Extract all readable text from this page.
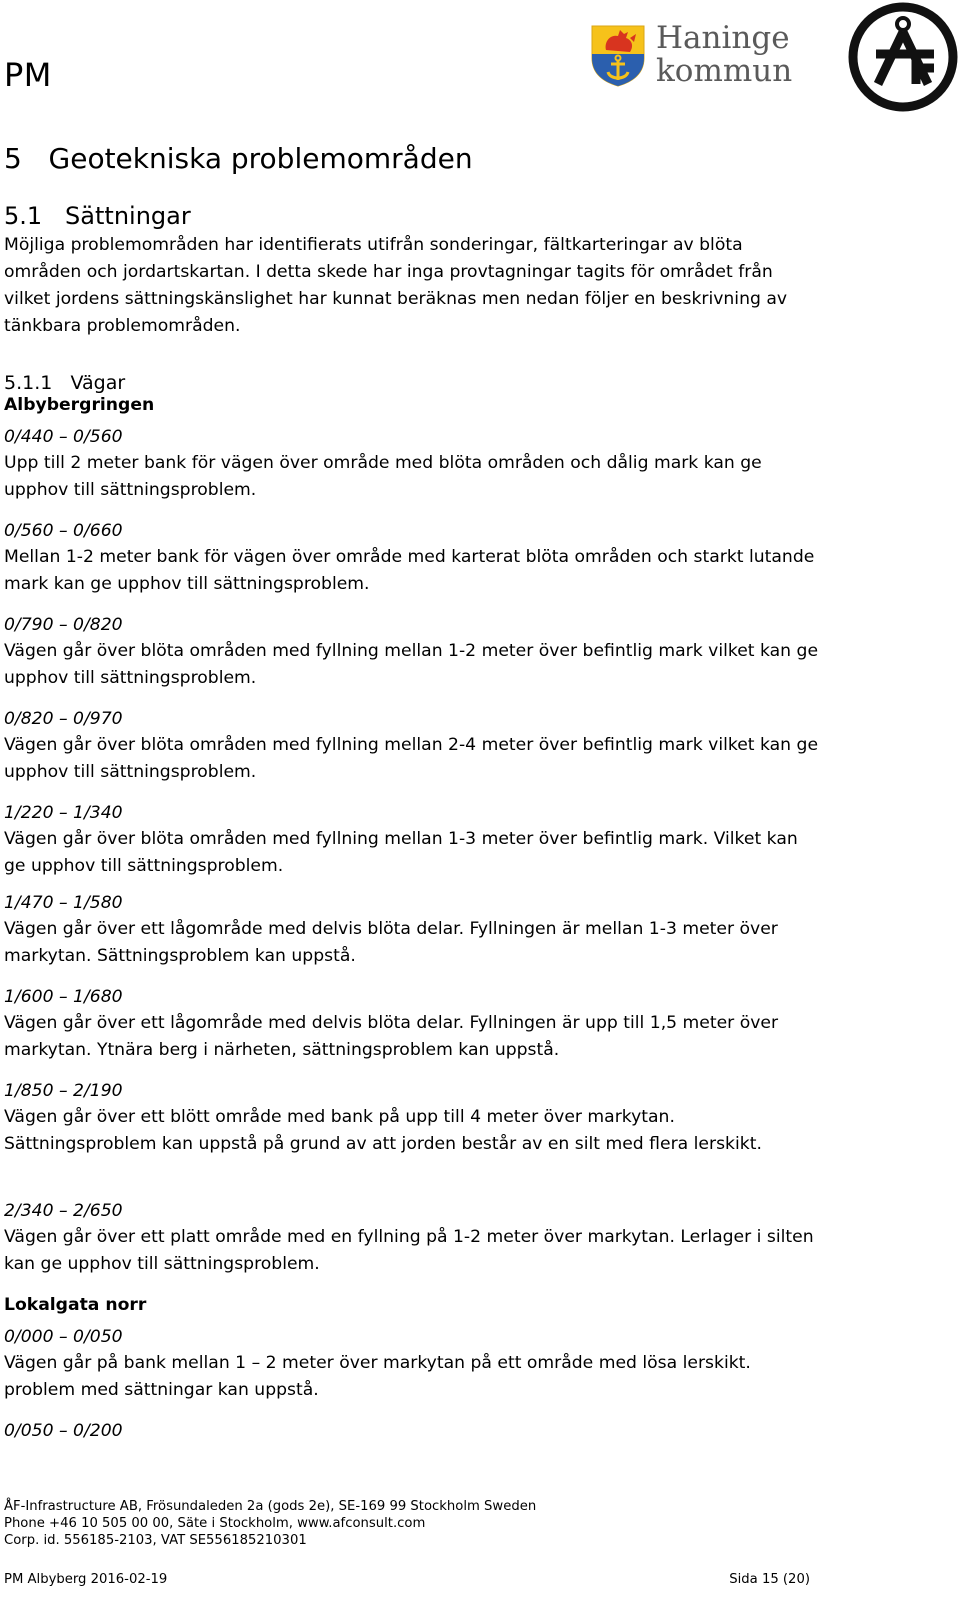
PM
Haninge
kommun
5   Geotekniska problemområden
5.1   Sättningar
Möjliga problemområden har identifierats utifrån sonderingar, fältkarteringar av blöta områden och jordartskartan. I detta skede har inga provtagningar tagits för området från vilket jordens sättningskänslighet har kunnat beräknas men nedan följer en beskrivning av tänkbara problemområden.
5.1.1   Vägar
Albybergringen
0/440 – 0/560
Upp till 2 meter bank för vägen över område med blöta områden och dålig mark kan ge upphov till sättningsproblem.
0/560 – 0/660
Mellan 1-2 meter bank för vägen över område med karterat blöta områden och starkt lutande mark kan ge upphov till sättningsproblem.
0/790 – 0/820
Vägen går över blöta områden med fyllning mellan 1-2 meter över befintlig mark vilket kan ge upphov till sättningsproblem.
0/820 – 0/970
Vägen går över blöta områden med fyllning mellan 2-4 meter över befintlig mark vilket kan ge upphov till sättningsproblem.
1/220 – 1/340
Vägen går över blöta områden med fyllning mellan 1-3 meter över befintlig mark. Vilket kan ge upphov till sättningsproblem.
1/470 – 1/580
Vägen går över ett lågområde med delvis blöta delar. Fyllningen är mellan 1-3 meter över markytan. Sättningsproblem kan uppstå.
1/600 – 1/680
Vägen går över ett lågområde med delvis blöta delar. Fyllningen är upp till 1,5 meter över markytan. Ytnära berg i närheten, sättningsproblem kan uppstå.
1/850 – 2/190
Vägen går över ett blött område med bank på upp till 4 meter över markytan. Sättningsproblem kan uppstå på grund av att jorden består av en silt med flera lerskikt.
2/340 – 2/650
Vägen går över ett platt område med en fyllning på 1-2 meter över markytan. Lerlager i silten kan ge upphov till sättningsproblem.
Lokalgata norr
0/000 – 0/050
Vägen går på bank mellan 1 – 2 meter över markytan på ett område med lösa lerskikt. problem med sättningar kan uppstå.
0/050 – 0/200
ÅF-Infrastructure AB, Frösundaleden 2a (gods 2e), SE-169 99 Stockholm Sweden
Phone +46 10 505 00 00, Säte i Stockholm, www.afconsult.com
Corp. id. 556185-2103, VAT SE556185210301
PM Albyberg 2016-02-19	Sida 15 (20)
